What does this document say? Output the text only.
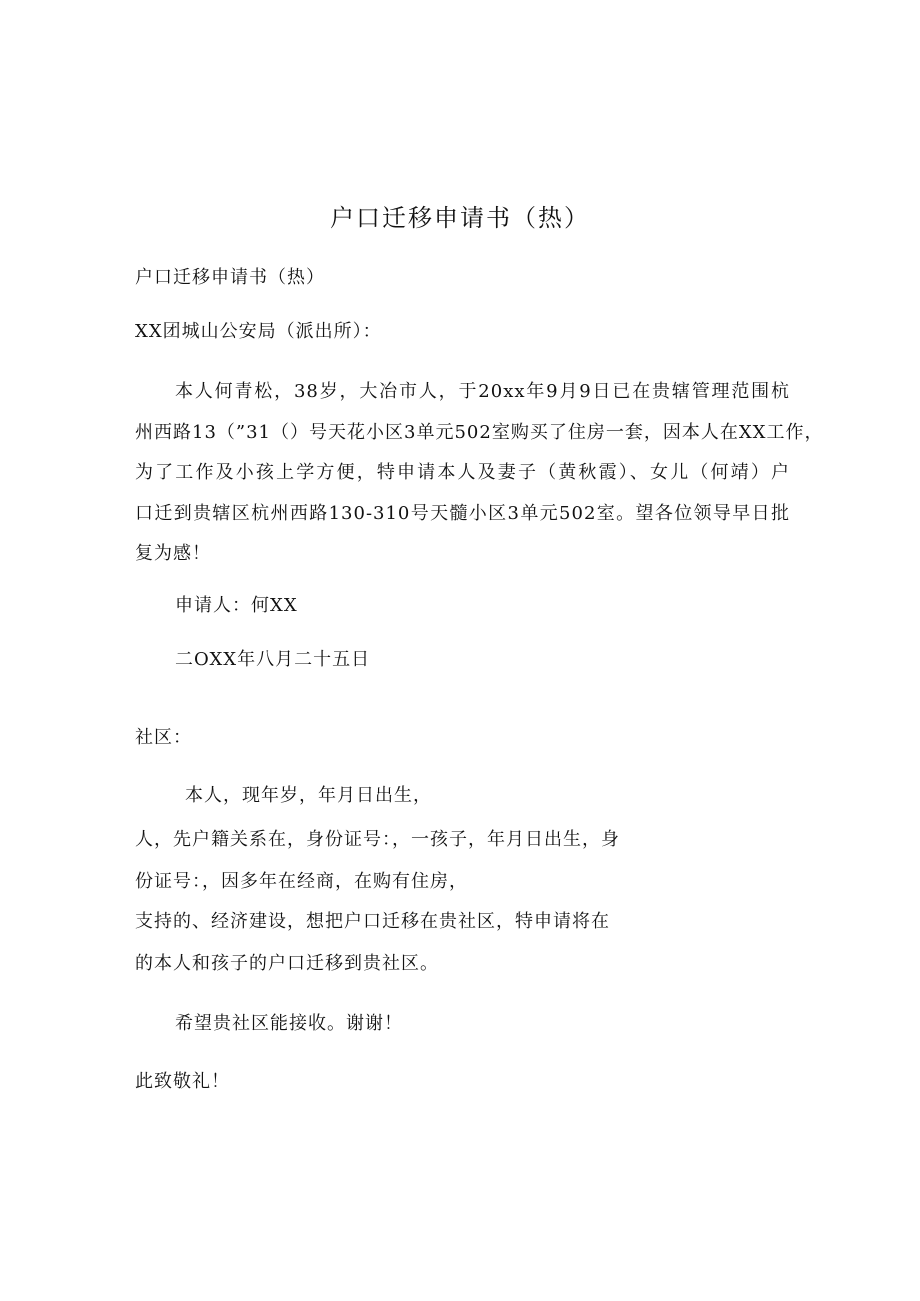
户口迁移申请书（热）
户口迁移申请书（热）
XX团城山公安局（派出所）：
本人何青松，38岁，大冶市人，于20xx年9月9日已在贵辖管理范围杭
州西路13（”31（）号天花小区3单元502室购买了住房一套，因本人在XX工作，
为了工作及小孩上学方便，特申请本人及妻子（黄秋霞）、女儿（何靖）户
口迁到贵辖区杭州西路130-310号天髓小区3单元502室。望各位领导早日批
复为感！
申请人：何XX
二OXX年八月二十五日
社区：
本人，现年岁，年月日出生，
人，先户籍关系在，身份证号：，一孩子，年月日出生，身
份证号：，因多年在经商，在购有住房，
支持的、经济建设，想把户口迁移在贵社区，特申请将在
的本人和孩子的户口迁移到贵社区。
希望贵社区能接收。谢谢！
此致敬礼！
